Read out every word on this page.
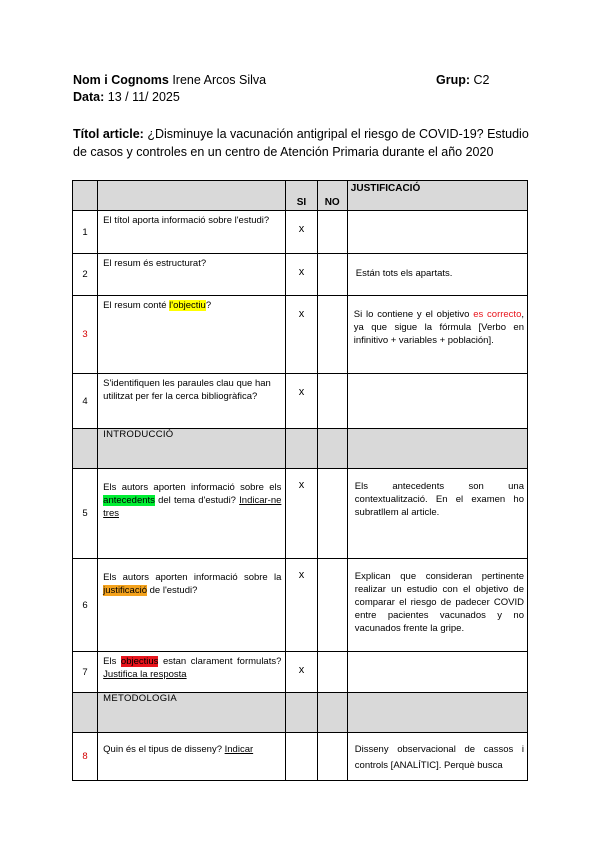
Nom i Cognoms Irene Arcos Silva	Grup: C2
Data: 13 / 11/ 2025
Títol article: ¿Disminuye la vacunación antigripal el riesgo de COVID-19? Estudio de casos y controles en un centro de Atención Primaria durante el año 2020
		SI	NO	JUSTIFICACIÓ
1	El títol aporta informació sobre l'estudi?	x		
2	El resum és estructurat?	x		Están tots els apartats.
3	El resum conté l'objectiu?	x		Si lo contiene y el objetivo es correcto, ya que sigue la fórmula [Verbo en infinitivo + variables + población].
4	S'identifiquen les paraules clau que han utilitzat per fer la cerca bibliogràfica?	x		
	INTRODUCCIÓ			
5	Els autors aporten informació sobre els antecedents del tema d'estudi? Indicar-ne tres	x		Els antecedents son una contextualització. En el examen ho subratllem al article.
6	Els autors aporten informació sobre la justificació de l'estudi?	x		Explican que consideran pertinente realizar un estudio con el objetivo de comparar el riesgo de padecer COVID entre pacientes vacunados y no vacunados frente la gripe.
7	Els objectius estan clarament formulats? Justifica la resposta	x		
	METODOLOGIA			
8	Quin és el tipus de disseny? Indicar			Disseny observacional de cassos i controls [ANALÍTIC]. Perquè busca
